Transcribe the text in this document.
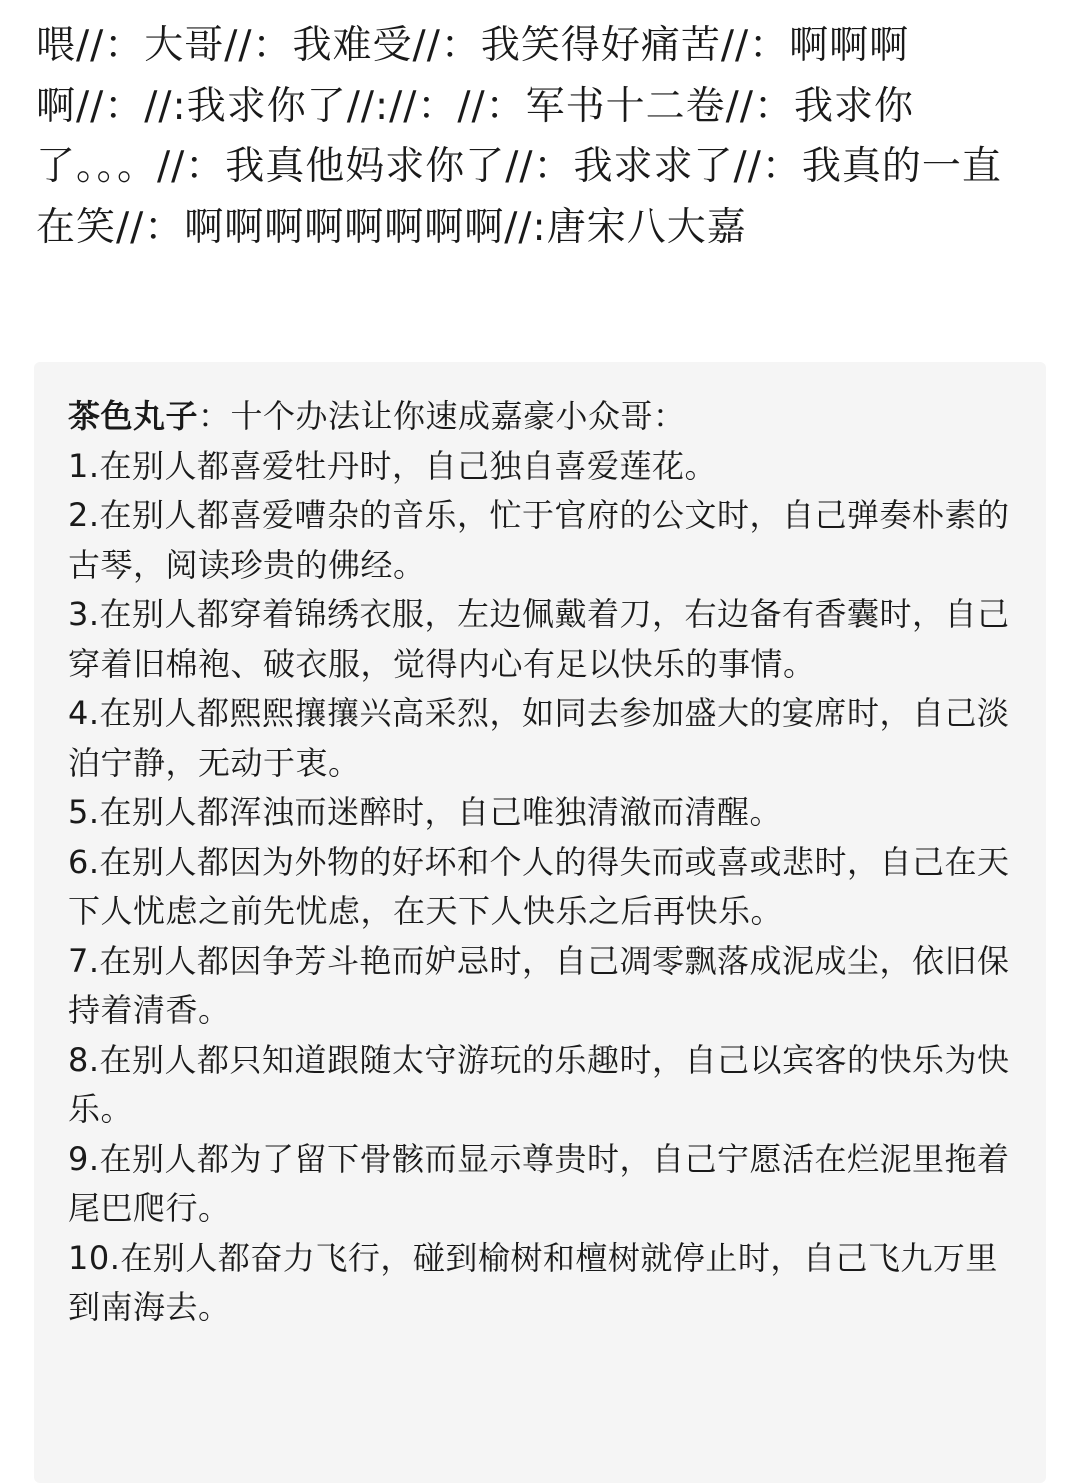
喂//：大哥//：我难受//：我笑得好痛苦//：啊啊啊啊//：//:我求你了//://：//：军书十二卷//：我求你了。。。//：我真他妈求你了//：我求求了//：我真的一直在笑//：啊啊啊啊啊啊啊啊//:唐宋八大嘉

茶色丸子：十个办法让你速成嘉豪小众哥：

1.在别人都喜爱牡丹时，自己独自喜爱莲花。

2.在别人都喜爱嘈杂的音乐，忙于官府的公文时，自己弹奏朴素的古琴，阅读珍贵的佛经。

3.在别人都穿着锦绣衣服，左边佩戴着刀，右边备有香囊时，自己穿着旧棉袍、破衣服，觉得内心有足以快乐的事情。

4.在别人都熙熙攘攘兴高采烈，如同去参加盛大的宴席时，自己淡泊宁静，无动于衷。

5.在别人都浑浊而迷醉时，自己唯独清澈而清醒。

6.在别人都因为外物的好坏和个人的得失而或喜或悲时，自己在天下人忧虑之前先忧虑，在天下人快乐之后再快乐。

7.在别人都因争芳斗艳而妒忌时，自己凋零飘落成泥成尘，依旧保持着清香。

8.在别人都只知道跟随太守游玩的乐趣时，自己以宾客的快乐为快乐。

9.在别人都为了留下骨骸而显示尊贵时，自己宁愿活在烂泥里拖着尾巴爬行。

10.在别人都奋力飞行，碰到榆树和檀树就停止时，自己飞九万里到南海去。
